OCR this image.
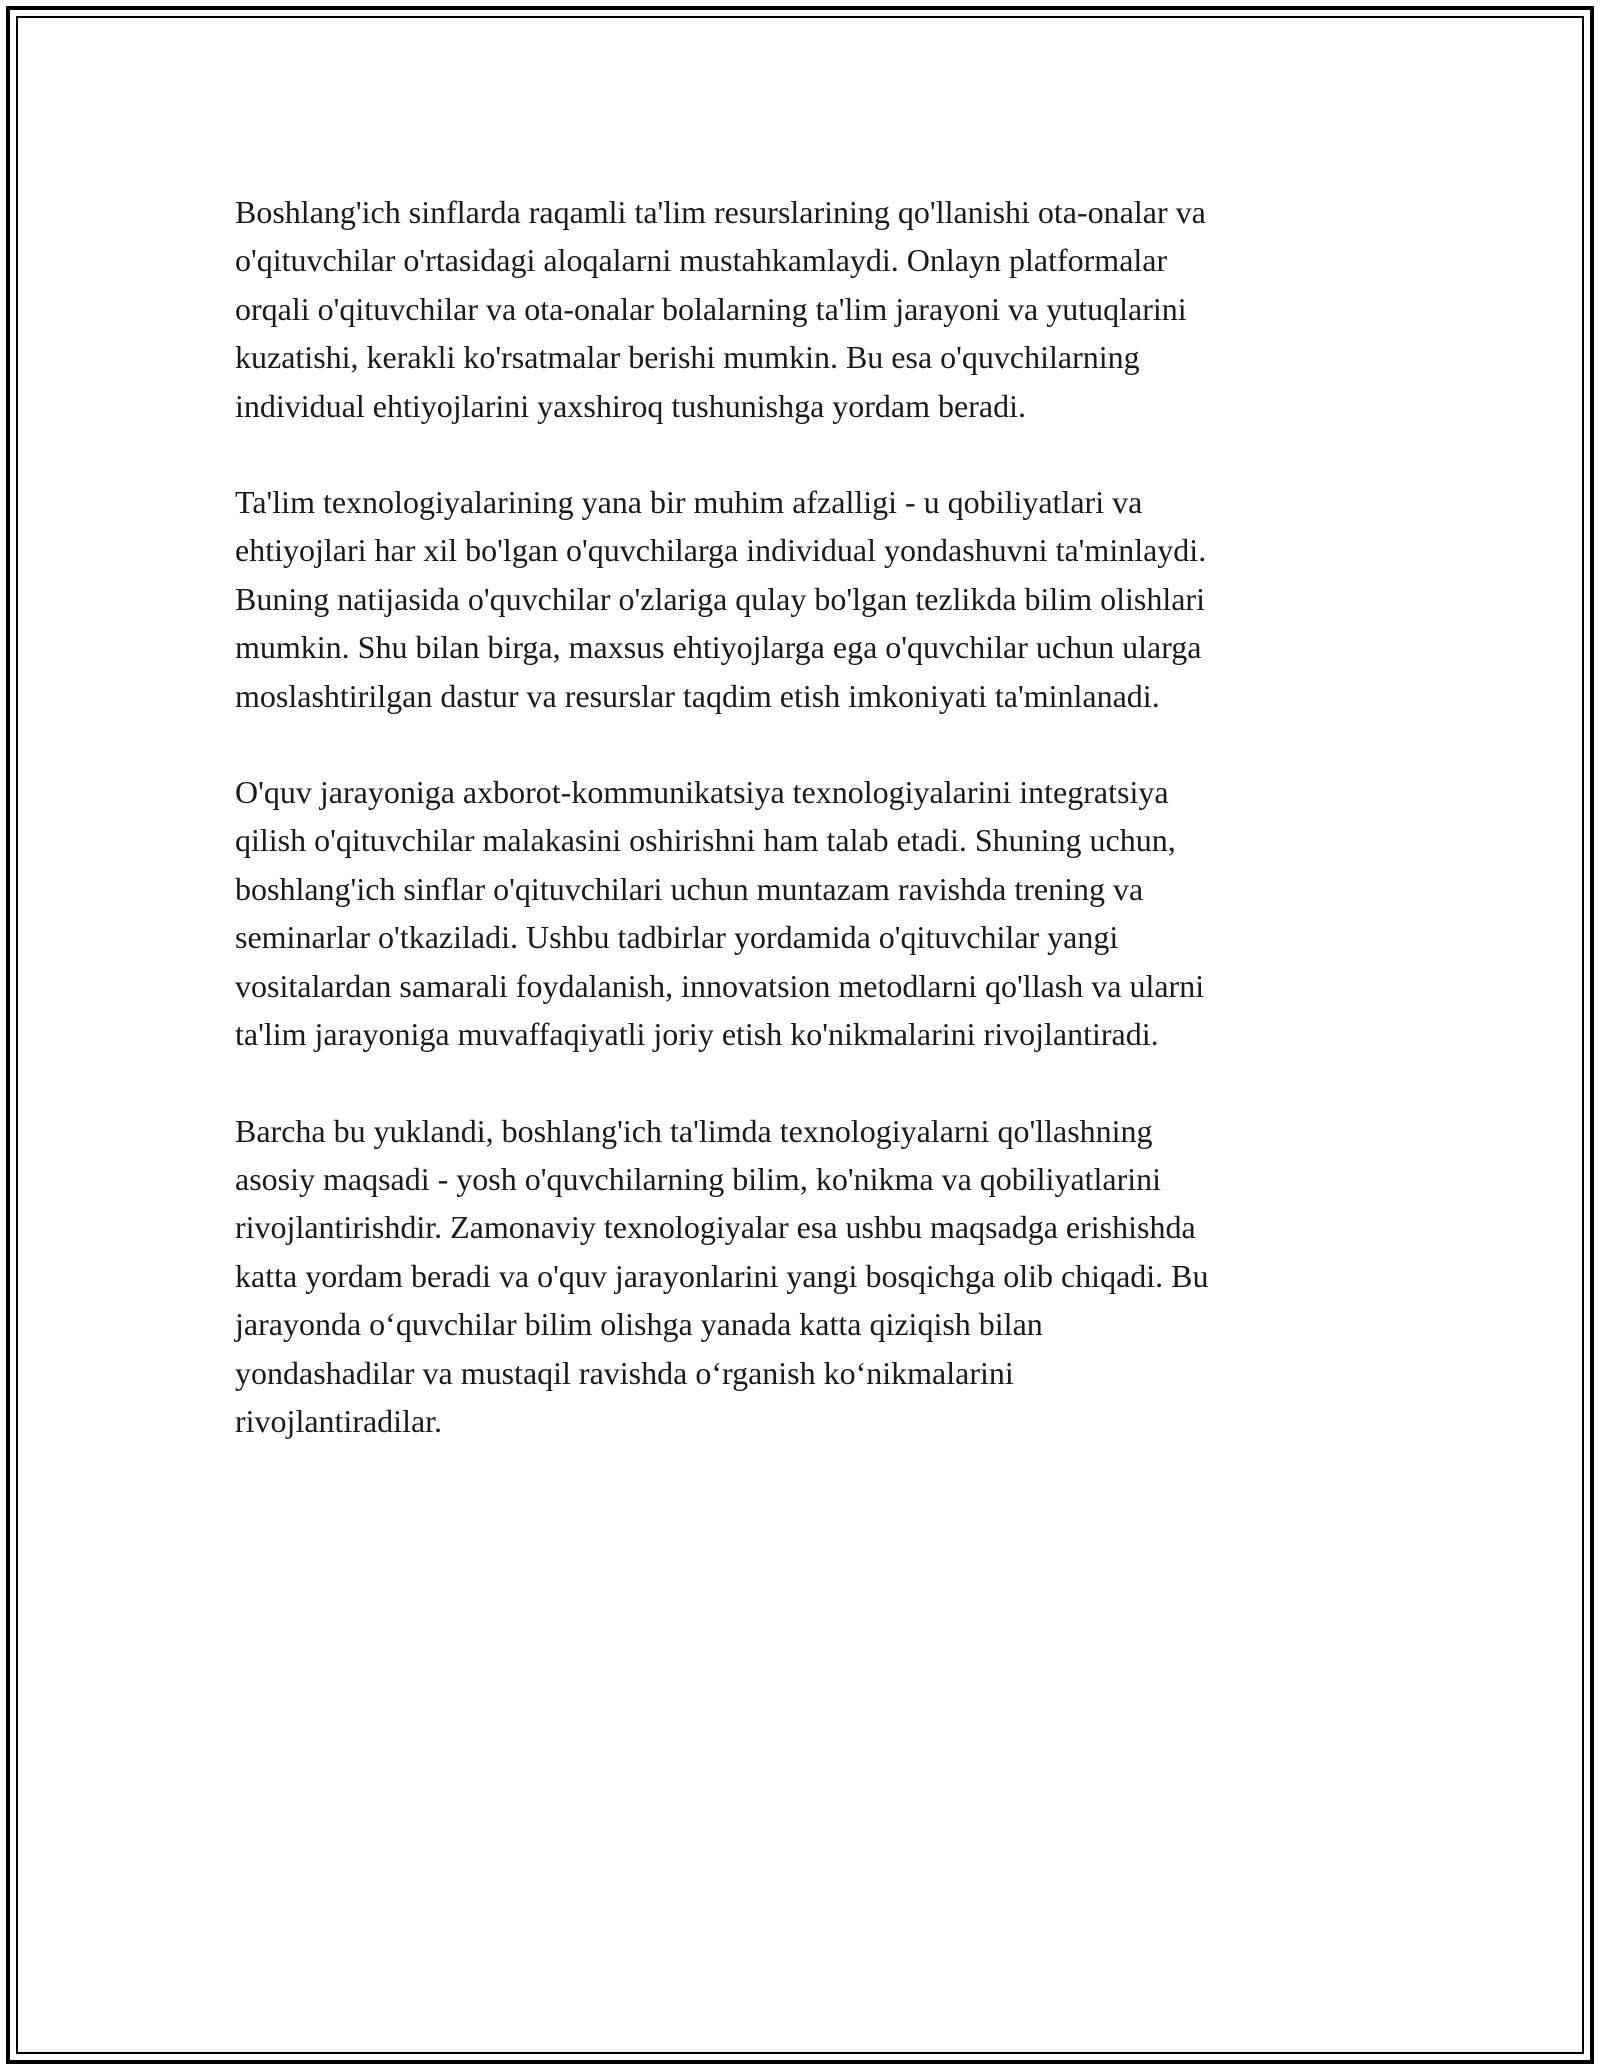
Boshlang'ich sinflarda raqamli ta'lim resurslarining qo'llanishi ota-onalar va
o'qituvchilar o'rtasidagi aloqalarni mustahkamlaydi. Onlayn platformalar
orqali o'qituvchilar va ota-onalar bolalarning ta'lim jarayoni va yutuqlarini
kuzatishi, kerakli ko'rsatmalar berishi mumkin. Bu esa o'quvchilarning
individual ehtiyojlarini yaxshiroq tushunishga yordam beradi.

Ta'lim texnologiyalarining yana bir muhim afzalligi - u qobiliyatlari va
ehtiyojlari har xil bo'lgan o'quvchilarga individual yondashuvni ta'minlaydi.
Buning natijasida o'quvchilar o'zlariga qulay bo'lgan tezlikda bilim olishlari
mumkin. Shu bilan birga, maxsus ehtiyojlarga ega o'quvchilar uchun ularga
moslashtirilgan dastur va resurslar taqdim etish imkoniyati ta'minlanadi.

O'quv jarayoniga axborot-kommunikatsiya texnologiyalarini integratsiya
qilish o'qituvchilar malakasini oshirishni ham talab etadi. Shuning uchun,
boshlang'ich sinflar o'qituvchilari uchun muntazam ravishda trening va
seminarlar o'tkaziladi. Ushbu tadbirlar yordamida o'qituvchilar yangi
vositalardan samarali foydalanish, innovatsion metodlarni qo'llash va ularni
ta'lim jarayoniga muvaffaqiyatli joriy etish ko'nikmalarini rivojlantiradi.

Barcha bu yuklandi, boshlang'ich ta'limda texnologiyalarni qo'llashning
asosiy maqsadi - yosh o'quvchilarning bilim, ko'nikma va qobiliyatlarini
rivojlantirishdir. Zamonaviy texnologiyalar esa ushbu maqsadga erishishda
katta yordam beradi va o'quv jarayonlarini yangi bosqichga olib chiqadi. Bu
jarayonda o‘quvchilar bilim olishga yanada katta qiziqish bilan
yondashadilar va mustaqil ravishda o‘rganish ko‘nikmalarini
rivojlantiradilar.
